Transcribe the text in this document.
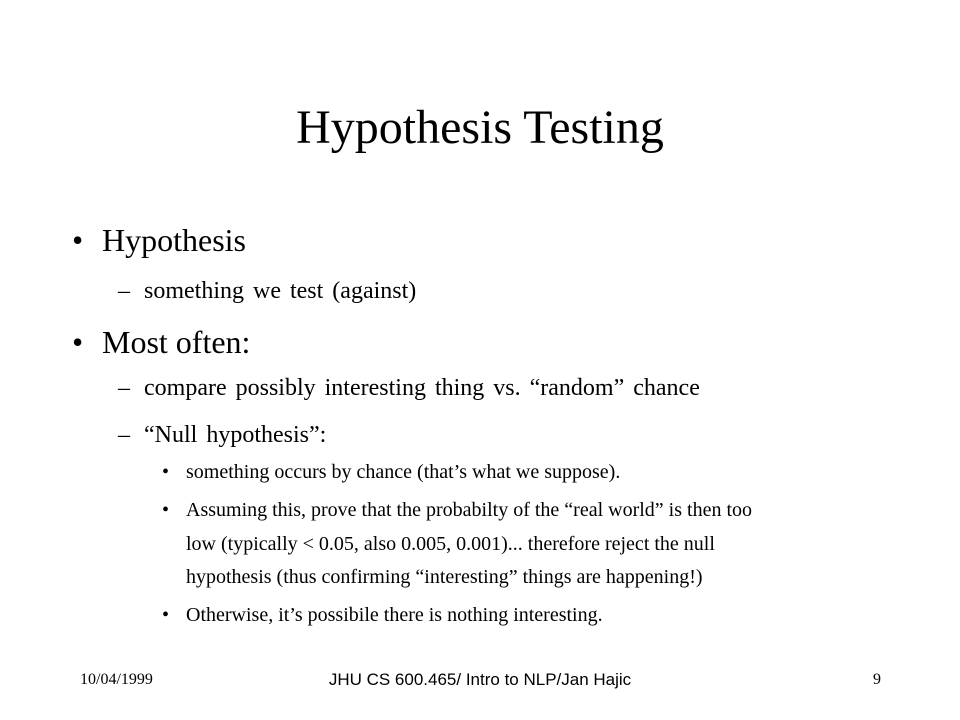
Hypothesis Testing
• Hypothesis
– something we test (against)
• Most often:
– compare possibly interesting thing vs. “random” chance
– “Null hypothesis”:
• something occurs by chance (that’s what we suppose).
• Assuming this, prove that the probabilty of the “real world” is then too
low (typically < 0.05, also 0.005, 0.001)... therefore reject the null
hypothesis (thus confirming “interesting” things are happening!)
• Otherwise, it’s possibile there is nothing interesting.
10/04/1999	JHU CS 600.465/ Intro to NLP/Jan Hajic	9
